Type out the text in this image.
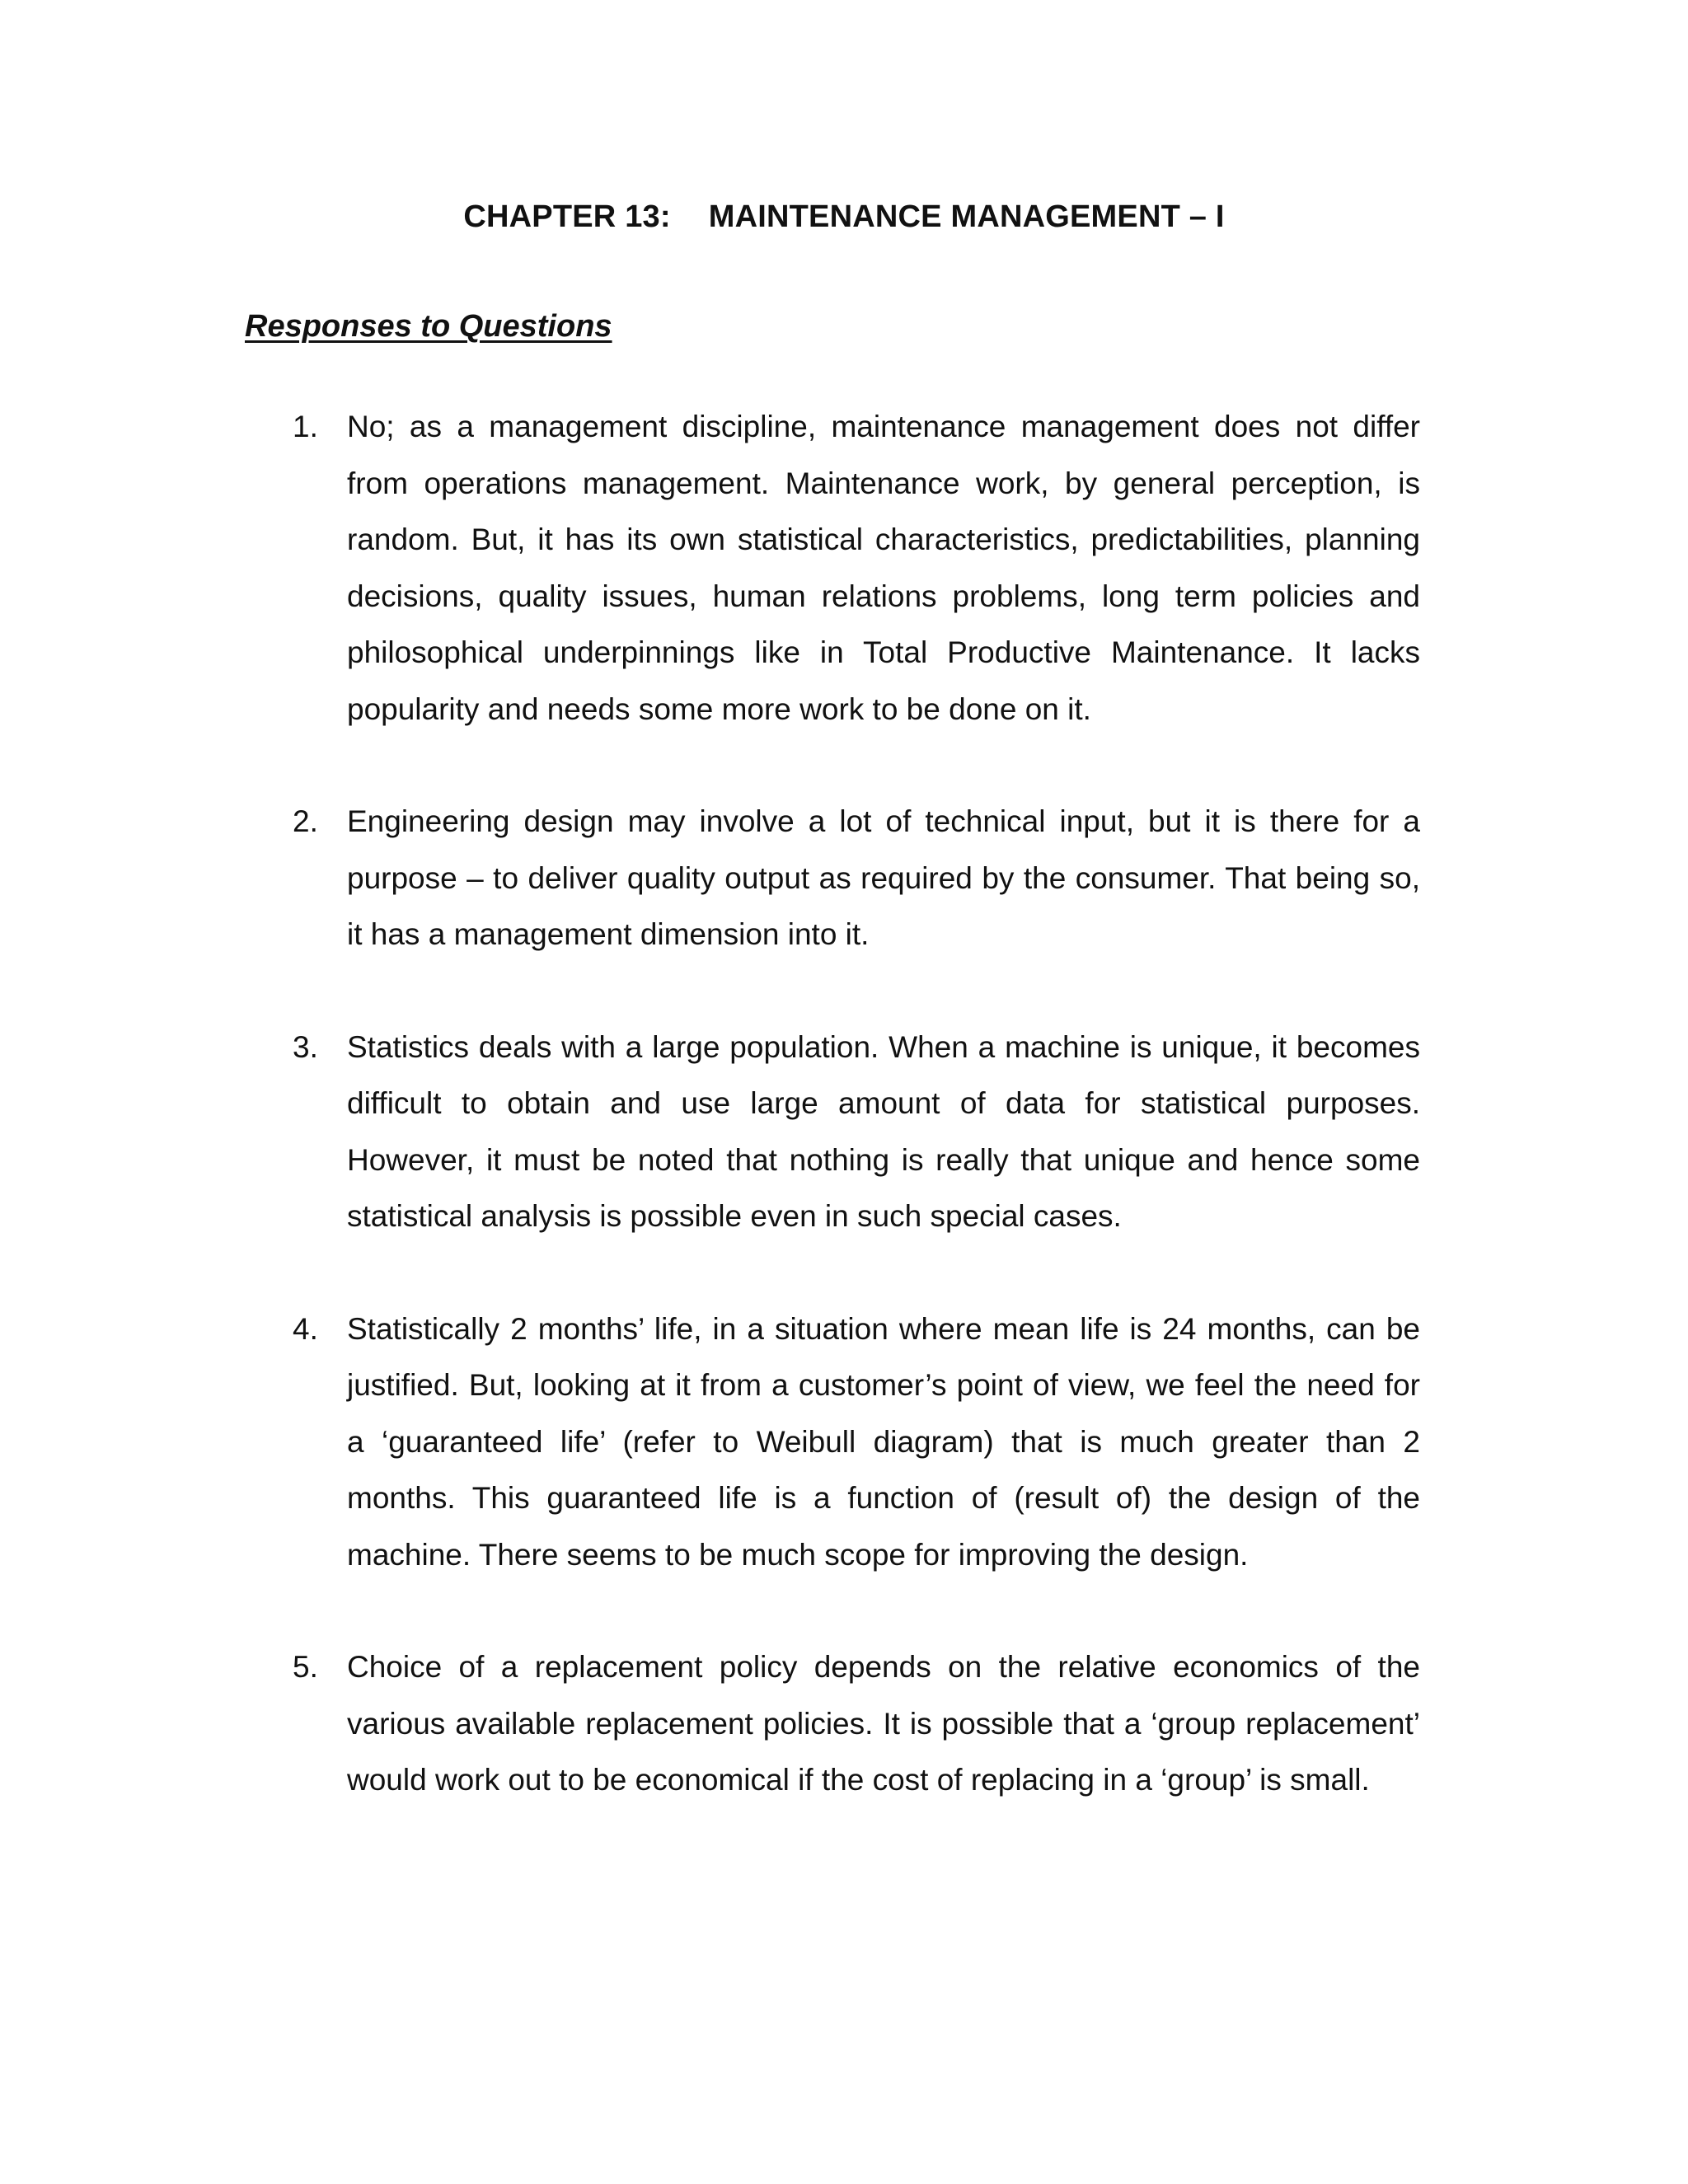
CHAPTER 13: MAINTENANCE MANAGEMENT – I
Responses to Questions
1. No; as a management discipline, maintenance management does not differ from operations management. Maintenance work, by general perception, is random. But, it has its own statistical characteristics, predictabilities, planning decisions, quality issues, human relations problems, long term policies and philosophical underpinnings like in Total Productive Maintenance. It lacks popularity and needs some more work to be done on it.

2. Engineering design may involve a lot of technical input, but it is there for a purpose – to deliver quality output as required by the consumer. That being so, it has a management dimension into it.

3. Statistics deals with a large population. When a machine is unique, it becomes difficult to obtain and use large amount of data for statistical purposes. However, it must be noted that nothing is really that unique and hence some statistical analysis is possible even in such special cases.

4. Statistically 2 months’ life, in a situation where mean life is 24 months, can be justified. But, looking at it from a customer’s point of view, we feel the need for a ‘guaranteed life’ (refer to Weibull diagram) that is much greater than 2 months. This guaranteed life is a function of (result of) the design of the machine. There seems to be much scope for improving the design.

5. Choice of a replacement policy depends on the relative economics of the various available replacement policies. It is possible that a ‘group replacement’ would work out to be economical if the cost of replacing in a ‘group’ is small.
